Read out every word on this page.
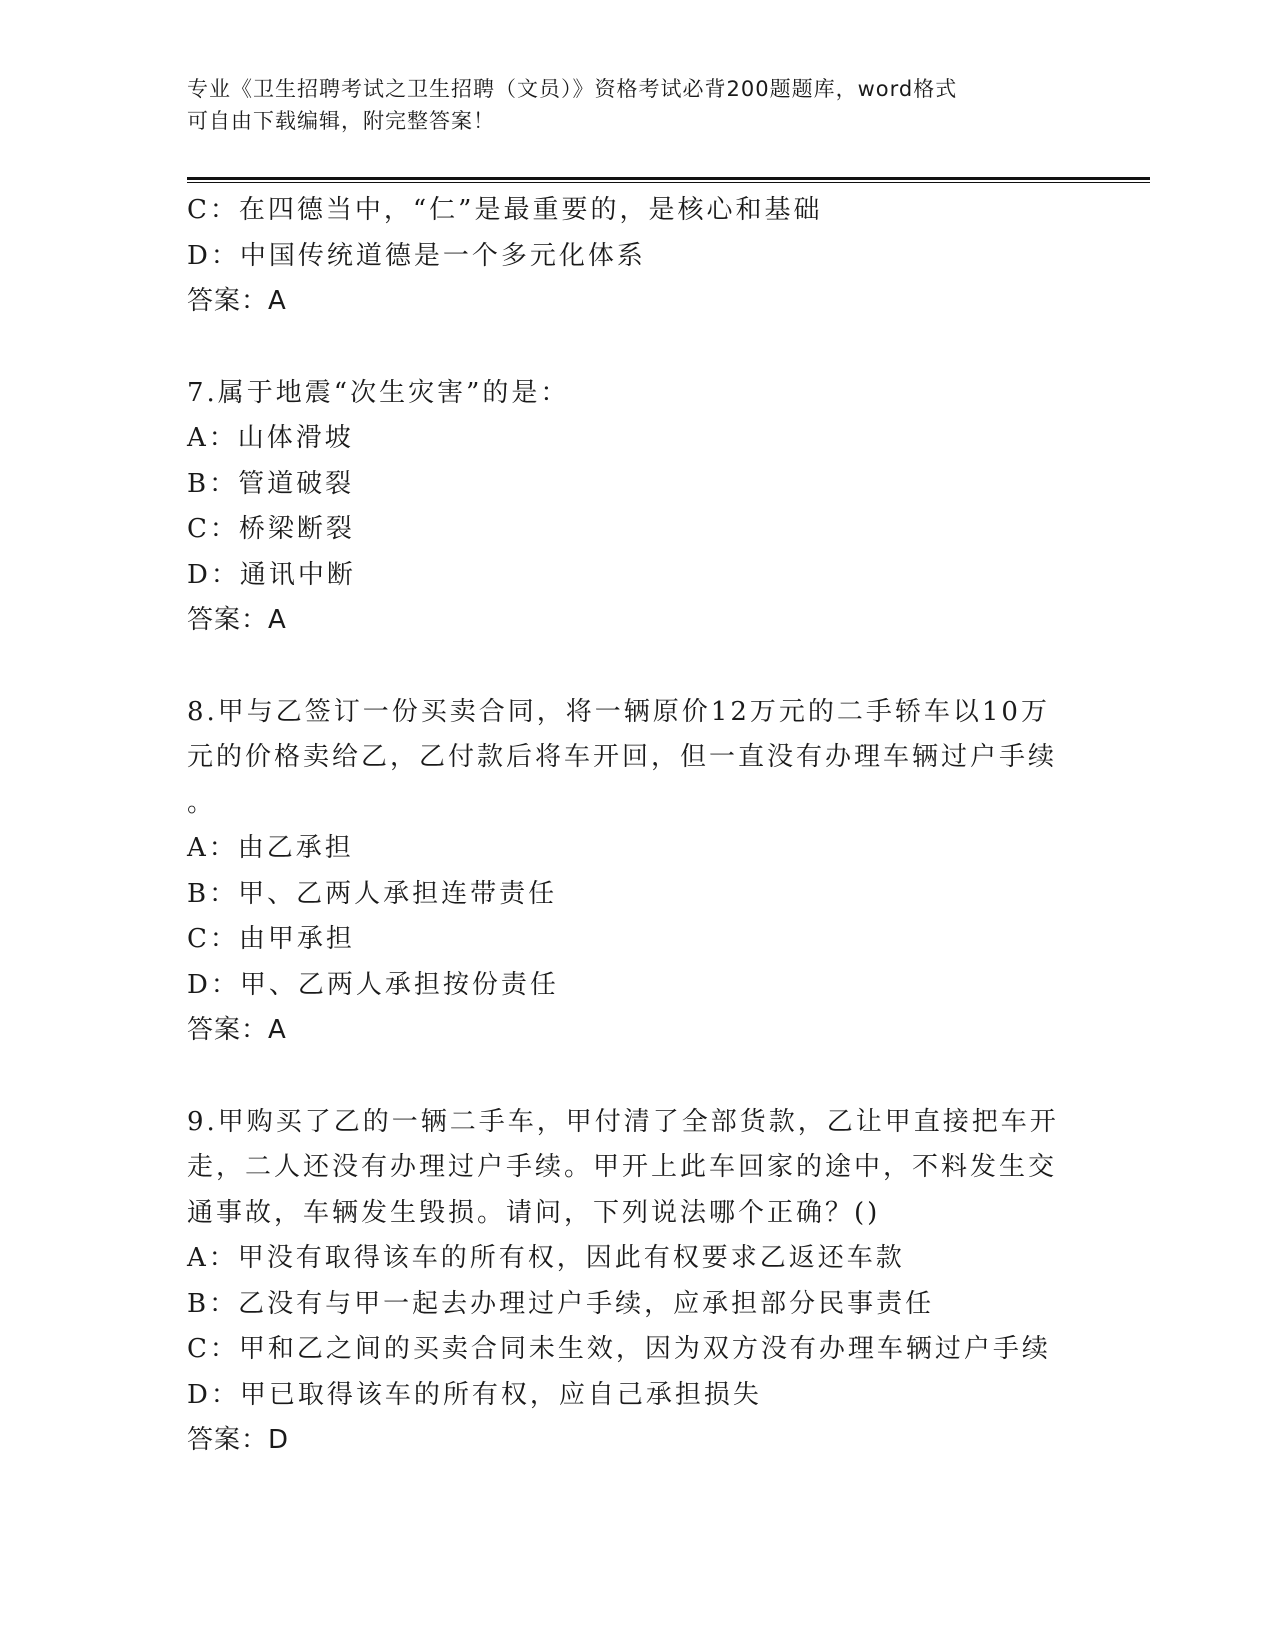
专业《卫生招聘考试之卫生招聘（文员）》资格考试必背200题题库，word格式
可自由下载编辑，附完整答案！
C：在四德当中，“仁”是最重要的，是核心和基础
D：中国传统道德是一个多元化体系
答案：A
7.属于地震“次生灾害”的是：
A：山体滑坡
B：管道破裂
C：桥梁断裂
D：通讯中断
答案：A
8.甲与乙签订一份买卖合同，将一辆原价12万元的二手轿车以10万
元的价格卖给乙，乙付款后将车开回，但一直没有办理车辆过户手续
。
A：由乙承担
B：甲、乙两人承担连带责任
C：由甲承担
D：甲、乙两人承担按份责任
答案：A
9.甲购买了乙的一辆二手车，甲付清了全部货款，乙让甲直接把车开
走，二人还没有办理过户手续。甲开上此车回家的途中，不料发生交
通事故，车辆发生毁损。请问，下列说法哪个正确？()
A：甲没有取得该车的所有权，因此有权要求乙返还车款
B：乙没有与甲一起去办理过户手续，应承担部分民事责任
C：甲和乙之间的买卖合同未生效，因为双方没有办理车辆过户手续
D：甲已取得该车的所有权，应自己承担损失
答案：D
